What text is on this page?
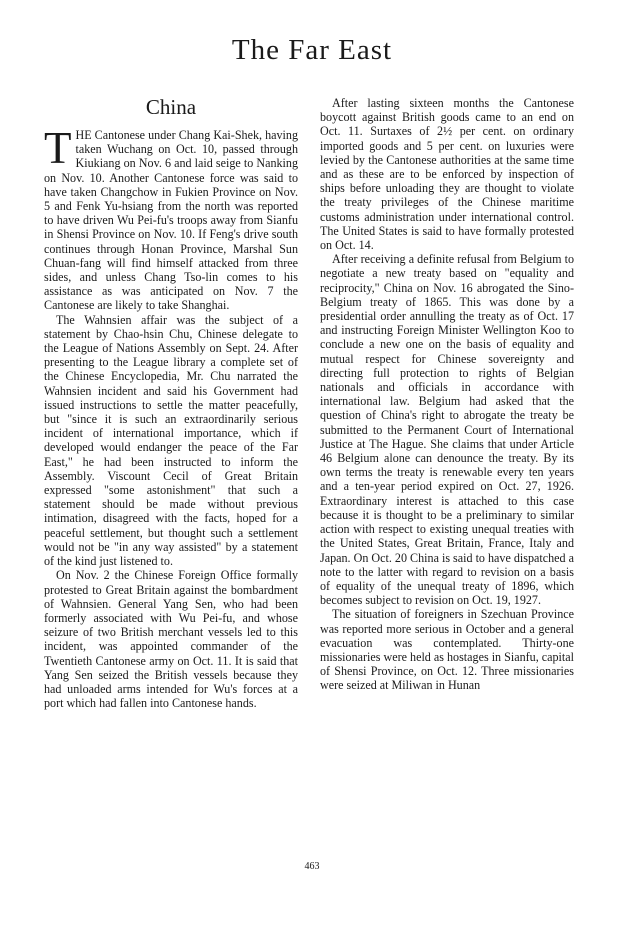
The Far East
China

THE Cantonese under Chang Kai-Shek, having taken Wuchang on Oct. 10, passed through Kiukiang on Nov. 6 and laid seige to Nanking on Nov. 10. Another Cantonese force was said to have taken Changchow in Fukien Province on Nov. 5 and Fenk Yu-hsiang from the north was reported to have driven Wu Pei-fu's troops away from Sianfu in Shensi Province on Nov. 10. If Feng's drive south continues through Honan Province, Marshal Sun Chuan-fang will find himself attacked from three sides, and unless Chang Tso-lin comes to his assistance as was anticipated on Nov. 7 the Cantonese are likely to take Shanghai.

The Wahnsien affair was the subject of a statement by Chao-hsin Chu, Chinese delegate to the League of Nations Assembly on Sept. 24. After presenting to the League library a complete set of the Chinese Encyclopedia, Mr. Chu narrated the Wahnsien incident and said his Government had issued instructions to settle the matter peacefully, but "since it is such an extraordinarily serious incident of international importance, which if developed would endanger the peace of the Far East," he had been instructed to inform the Assembly. Viscount Cecil of Great Britain expressed "some astonishment" that such a statement should be made without previous intimation, disagreed with the facts, hoped for a peaceful settlement, but thought such a settlement would not be "in any way assisted" by a statement of the kind just listened to.

On Nov. 2 the Chinese Foreign Office formally protested to Great Britain against the bombardment of Wahnsien. General Yang Sen, who had been formerly associated with Wu Pei-fu, and whose seizure of two British merchant vessels led to this incident, was appointed commander of the Twentieth Cantonese army on Oct. 11. It is said that Yang Sen seized the British vessels because they had unloaded arms intended for Wu's forces at a port which had fallen into Cantonese hands.

After lasting sixteen months the Cantonese boycott against British goods came to an end on Oct. 11. Surtaxes of 2½ per cent. on ordinary imported goods and 5 per cent. on luxuries were levied by the Cantonese authorities at the same time and as these are to be enforced by inspection of ships before unloading they are thought to violate the treaty privileges of the Chinese maritime customs administration under international control. The United States is said to have formally protested on Oct. 14.

After receiving a definite refusal from Belgium to negotiate a new treaty based on "equality and reciprocity," China on Nov. 16 abrogated the Sino-Belgium treaty of 1865. This was done by a presidential order annulling the treaty as of Oct. 17 and instructing Foreign Minister Wellington Koo to conclude a new one on the basis of equality and mutual respect for Chinese sovereignty and directing full protection to rights of Belgian nationals and officials in accordance with international law. Belgium had asked that the question of China's right to abrogate the treaty be submitted to the Permanent Court of International Justice at The Hague. She claims that under Article 46 Belgium alone can denounce the treaty. By its own terms the treaty is renewable every ten years and a ten-year period expired on Oct. 27, 1926. Extraordinary interest is attached to this case because it is thought to be a preliminary to similar action with respect to existing unequal treaties with the United States, Great Britain, France, Italy and Japan. On Oct. 20 China is said to have dispatched a note to the latter with regard to revision on a basis of equality of the unequal treaty of 1896, which becomes subject to revision on Oct. 19, 1927.

The situation of foreigners in Szechuan Province was reported more serious in October and a general evacuation was contemplated. Thirty-one missionaries were held as hostages in Sianfu, capital of Shensi Province, on Oct. 12. Three missionaries were seized at Miliwan in Hunan

463
